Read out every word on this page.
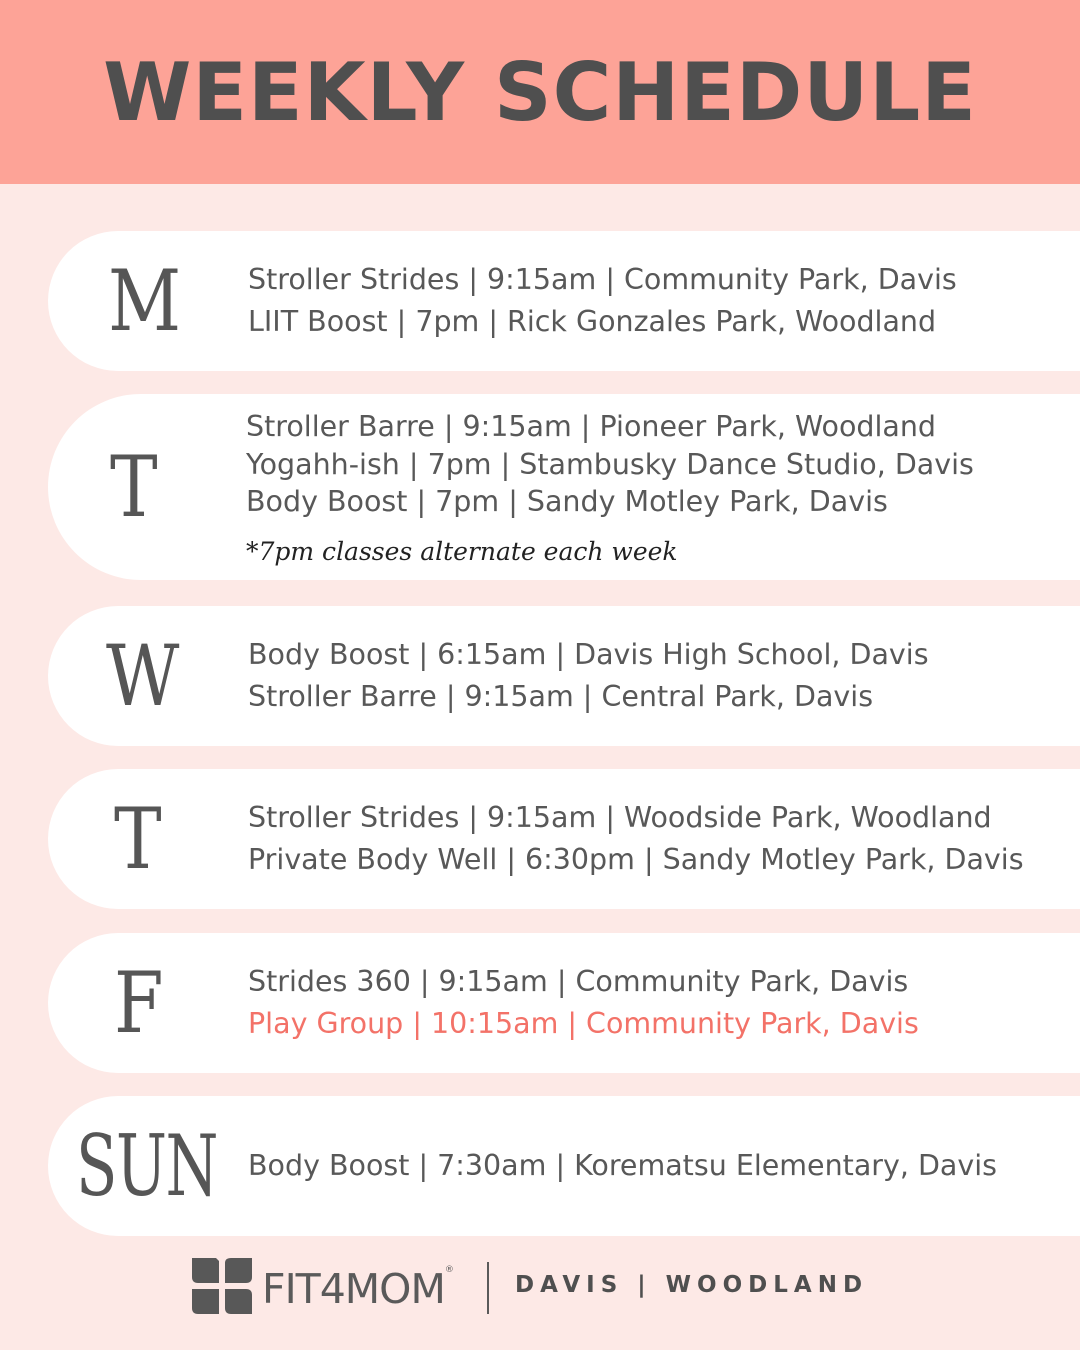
WEEKLY SCHEDULE
M Stroller Strides | 9:15am | Community Park, Davis
LIIT Boost | 7pm | Rick Gonzales Park, Woodland
T
Stroller Barre | 9:15am | Pioneer Park, Woodland
Yogahh-ish | 7pm | Stambusky Dance Studio, Davis
Body Boost | 7pm | Sandy Motley Park, Davis
*7pm classes alternate each week
W Body Boost | 6:15am | Davis High School, Davis
Stroller Barre | 9:15am | Central Park, Davis
T	Stroller Strides | 9:15am | Woodside Park, Woodland
Private Body Well | 6:30pm | Sandy Motley Park, Davis
F	Strides 360 | 9:15am | Community Park, Davis
Play Group | 10:15am | Community Park, Davis
SUN Body Boost | 7:30am | Korematsu Elementary, Davis
FIT4MOM®
DAVIS | WOODLAND
